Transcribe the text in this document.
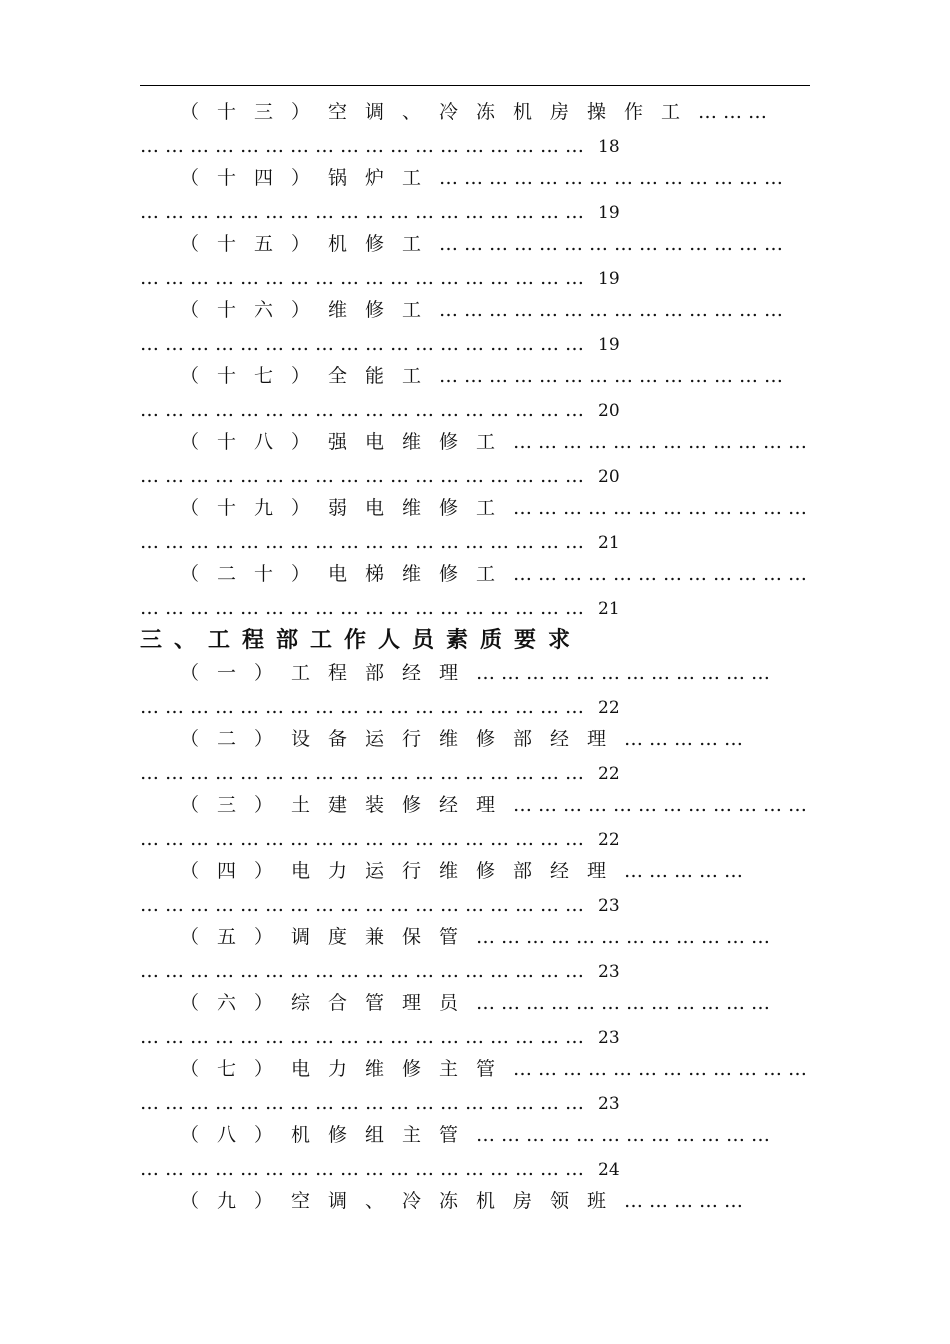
（十三）空调、冷冻机房操作工………
……………………………………………… 18
（十四）锅炉工……………………………………
……………………………………………… 19
（十五）机修工……………………………………
……………………………………………… 19
（十六）维修工……………………………………
……………………………………………… 19
（十七）全能工……………………………………
……………………………………………… 20
（十八）强电维修工………………………………
……………………………………………… 20
（十九）弱电维修工………………………………
……………………………………………… 21
（二十）电梯维修工………………………………
……………………………………………… 21
三、工程部工作人员素质要求
（一）工程部经理………………………………
……………………………………………… 22
（二）设备运行维修部经理……………
……………………………………………… 22
（三）土建装修经理………………………………
……………………………………………… 22
（四）电力运行维修部经理……………
……………………………………………… 23
（五）调度兼保管………………………………
……………………………………………… 23
（六）综合管理员………………………………
……………………………………………… 23
（七）电力维修主管………………………………
……………………………………………… 23
（八）机修组主管………………………………
……………………………………………… 24
（九）空调、冷冻机房领班……………
